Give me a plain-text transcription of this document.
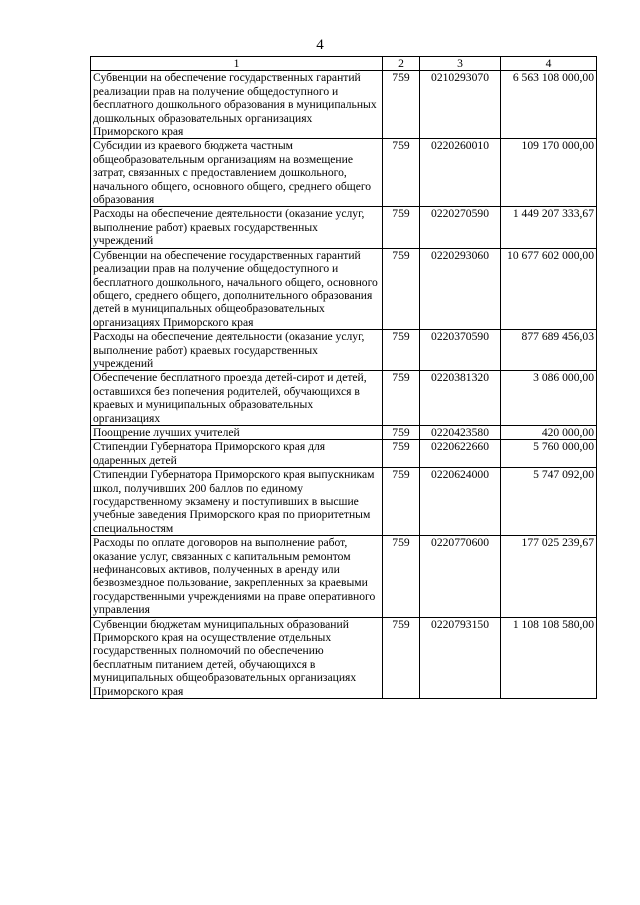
4
1	2	3	4
Субвенции на обеспечение государственных гарантий реализации прав на получение общедоступного и бесплатного дошкольного образования в муниципальных дошкольных образовательных организациях Приморского края	759	0210293070	6 563 108 000,00
Субсидии из краевого бюджета частным общеобразовательным организациям на возмещение затрат, связанных с предоставлением дошкольного, начального общего, основного общего, среднего общего образования	759	0220260010	109 170 000,00
Расходы на обеспечение деятельности (оказание услуг, выполнение работ) краевых государственных учреждений	759	0220270590	1 449 207 333,67
Субвенции на обеспечение государственных гарантий реализации прав на получение общедоступного и бесплатного дошкольного, начального общего, основного общего, среднего общего, дополнительного образования детей в муниципальных общеобразовательных организациях Приморского края	759	0220293060	10 677 602 000,00
Расходы на обеспечение деятельности (оказание услуг, выполнение работ) краевых государственных учреждений	759	0220370590	877 689 456,03
Обеспечение бесплатного проезда детей-сирот и детей, оставшихся без попечения родителей, обучающихся в краевых и муниципальных образовательных организациях	759	0220381320	3 086 000,00
Поощрение лучших учителей	759	0220423580	420 000,00
Стипендии Губернатора Приморского края для одаренных детей	759	0220622660	5 760 000,00
Стипендии Губернатора Приморского края выпускникам школ, получивших 200 баллов по единому государственному экзамену и поступивших в высшие учебные заведения Приморского края по приоритетным специальностям	759	0220624000	5 747 092,00
Расходы по оплате договоров на выполнение работ, оказание услуг, связанных с капитальным ремонтом нефинансовых активов, полученных в аренду или безвозмездное пользование, закрепленных за краевыми государственными учреждениями на праве оперативного управления	759	0220770600	177 025 239,67
Субвенции бюджетам муниципальных образований Приморского края на осуществление отдельных государственных полномочий по обеспечению бесплатным питанием детей, обучающихся в муниципальных общеобразовательных организациях Приморского края	759	0220793150	1 108 108 580,00
